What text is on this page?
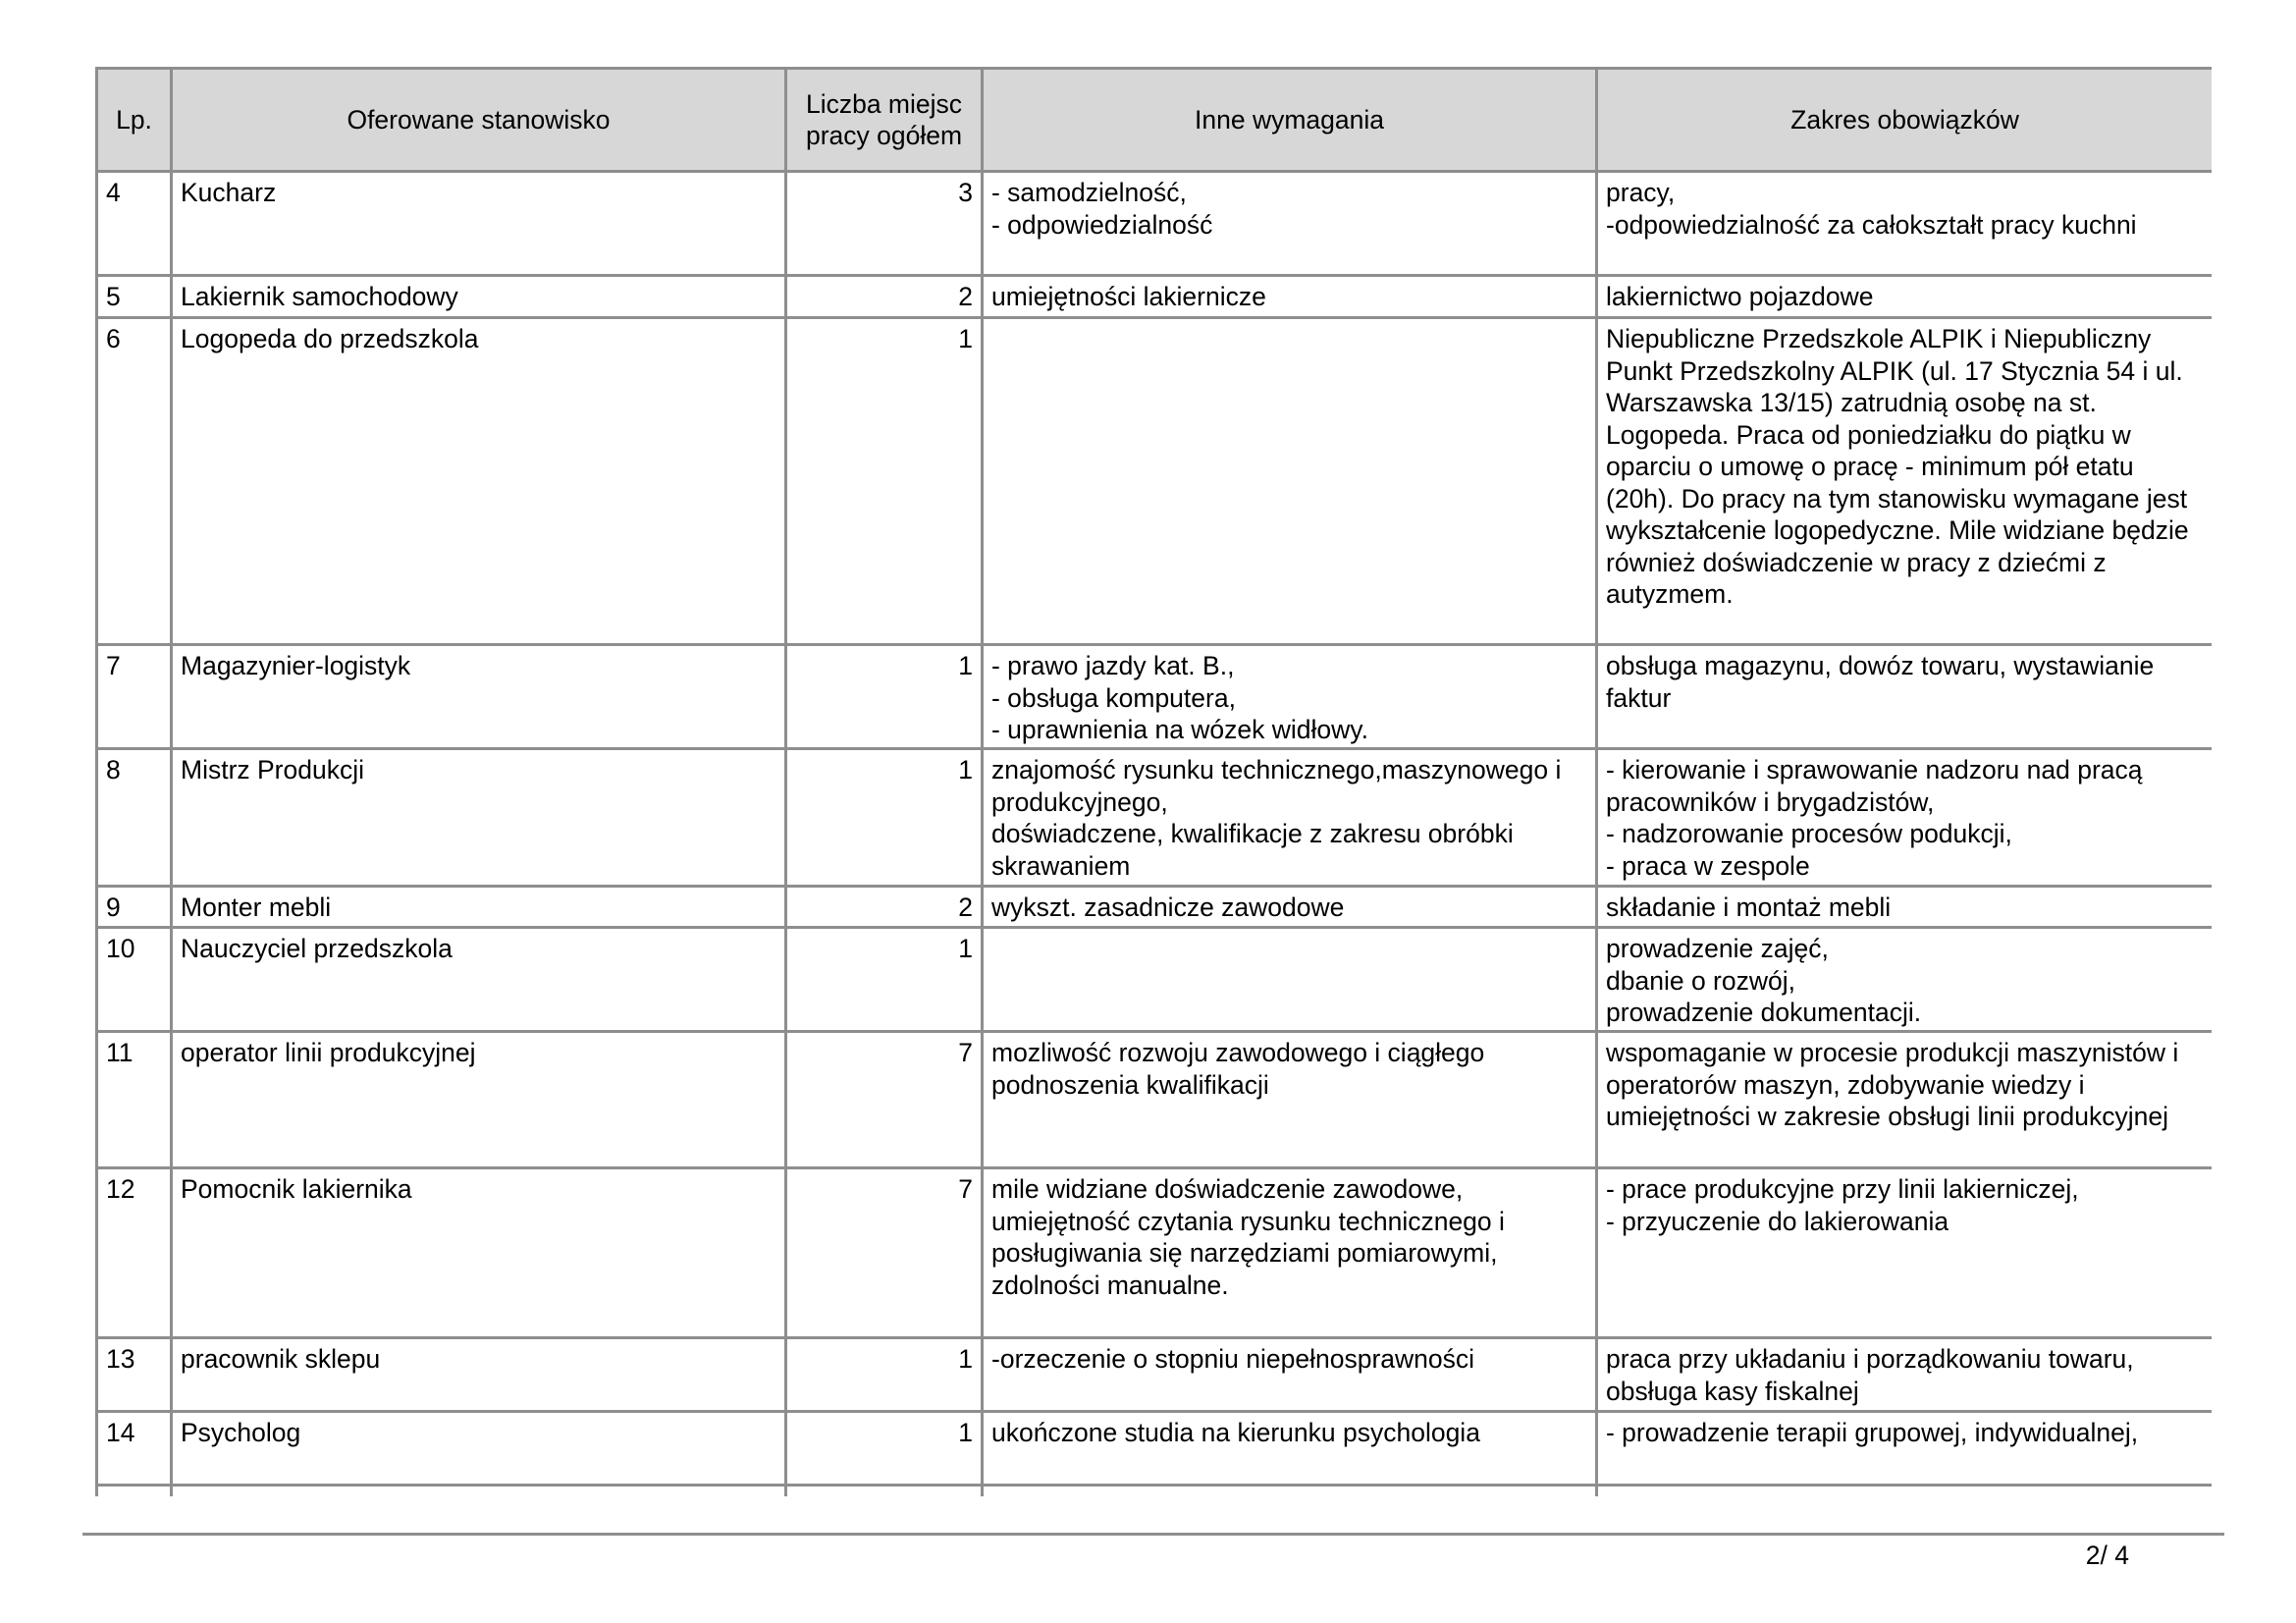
Lp.	Oferowane stanowisko	Liczba miejsc
pracy ogółem	Inne wymagania	Zakres obowiązków
4	Kucharz	3	- samodzielność,
- odpowiedzialność	pracy,
-odpowiedzialność za całokształt pracy kuchni
5	Lakiernik samochodowy	2	umiejętności lakiernicze	lakiernictwo pojazdowe
6	Logopeda do przedszkola	1		Niepubliczne Przedszkole ALPIK i Niepubliczny Punkt Przedszkolny ALPIK (ul. 17 Stycznia 54 i ul. Warszawska 13/15) zatrudnią osobę na st. Logopeda. Praca od poniedziałku do piątku w oparciu o umowę o pracę - minimum pół etatu (20h). Do pracy na tym stanowisku wymagane jest wykształcenie logopedyczne. Mile widziane będzie również doświadczenie w pracy z dziećmi z autyzmem.
7	Magazynier-logistyk	1	- prawo jazdy kat. B.,
- obsługa komputera,
- uprawnienia na wózek widłowy.	obsługa magazynu, dowóz towaru, wystawianie faktur
8	Mistrz Produkcji	1	znajomość rysunku technicznego,maszynowego i produkcyjnego,
doświadczene, kwalifikacje z zakresu obróbki skrawaniem	- kierowanie i sprawowanie nadzoru nad pracą pracowników i brygadzistów,
- nadzorowanie procesów podukcji,
- praca w zespole
9	Monter mebli	2	wykszt. zasadnicze zawodowe	składanie i montaż mebli
10	Nauczyciel przedszkola	1		prowadzenie zajęć,
dbanie o rozwój,
prowadzenie dokumentacji.
11	operator linii produkcyjnej	7	mozliwość rozwoju zawodowego i ciągłego podnoszenia kwalifikacji	wspomaganie w procesie produkcji maszynistów i operatorów maszyn, zdobywanie wiedzy i umiejętności w zakresie obsługi linii produkcyjnej
12	Pomocnik lakiernika	7	mile widziane doświadczenie zawodowe, umiejętność czytania rysunku technicznego i posługiwania się narzędziami pomiarowymi, zdolności manualne.	- prace produkcyjne przy linii lakierniczej,
- przyuczenie do lakierowania
13	pracownik sklepu	1	-orzeczenie o stopniu niepełnosprawności	praca przy układaniu i porządkowaniu towaru, obsługa kasy fiskalnej
14	Psycholog	1	ukończone studia na kierunku psychologia	- prowadzenie terapii grupowej, indywidualnej,

2/ 4
